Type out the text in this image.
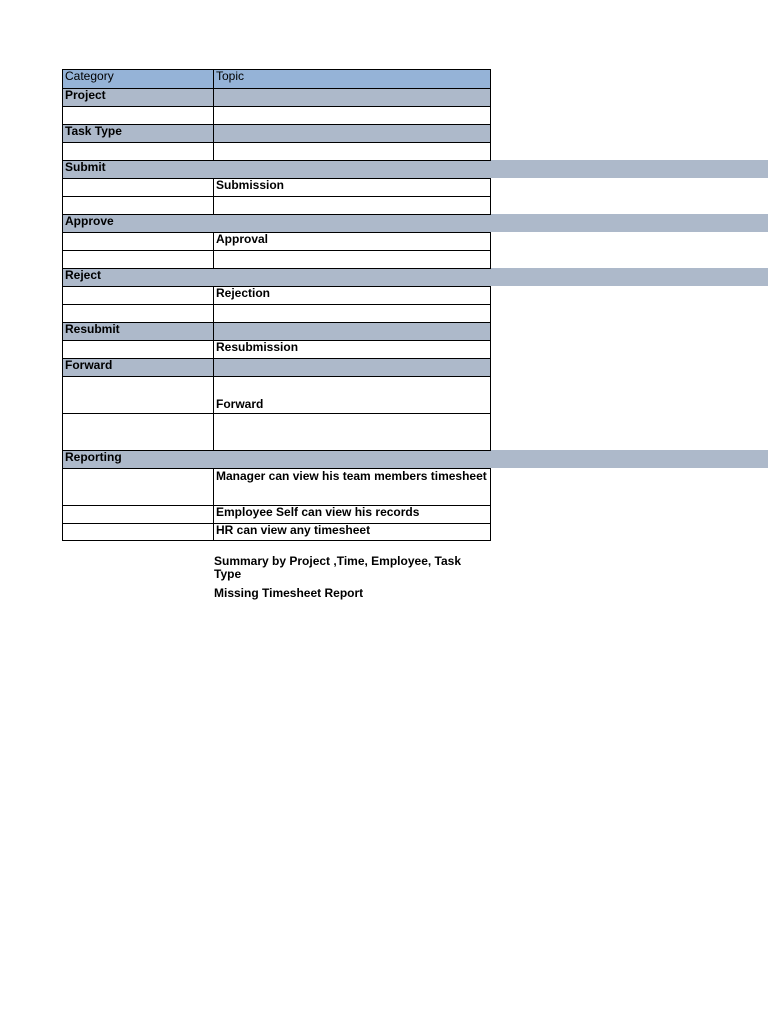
Category	Topic
Project
Task Type
Submit
Submission
Approve
Approval
Reject
Rejection
Resubmit
Resubmission
Forward
Forward
Reporting
Manager can view his team members timesheet
Employee Self can view his records
HR can view any timesheet
Summary by Project ,Time, Employee, Task Type
Missing Timesheet Report
